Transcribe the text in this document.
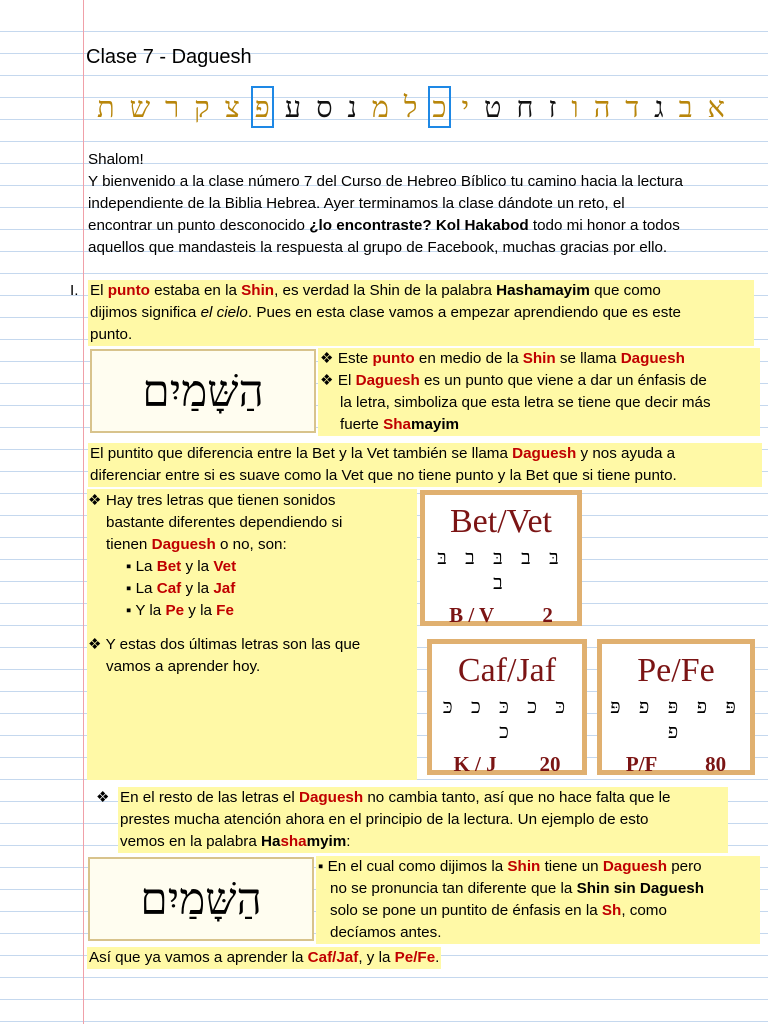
Clase 7 - Daguesh
א
ב
ג
ד
ה
ו
ז
ח
ט
י
כ
ל
מ
נ
ס
ע
פ
צ
ק
ר
ש
ת
Shalom!
Y bienvenido a la clase número 7 del Curso de Hebreo Bíblico tu camino hacia la lectura
independiente de la Biblia Hebrea. Ayer terminamos la clase dándote un reto, el
encontrar un punto desconocido ¿lo encontraste? Kol Hakabod todo mi honor a todos
aquellos que mandasteis la respuesta al grupo de Facebook, muchas gracias por ello.
I. El punto estaba en la Shin, es verdad la Shin de la palabra Hashamayim que como
dijimos significa el cielo. Pues en esta clase vamos a empezar aprendiendo que es este
punto.
הַשָּׁמַיִם
❖ Este punto en medio de la Shin se llama Daguesh
❖ El Daguesh es un punto que viene a dar un énfasis de
la letra, simboliza que esta letra se tiene que decir más
fuerte Shamayim
El puntito que diferencia entre la Bet y la Vet también se llama Daguesh y nos ayuda a
diferenciar entre si es suave como la Vet que no tiene punto y la Bet que si tiene punto.
❖ Hay tres letras que tienen sonidos
bastante diferentes dependiendo si
tienen Daguesh o no, son:
▪ La Bet y la Vet
▪ La Caf y la Jaf
▪ Y la Pe y la Fe
❖ Y estas dos últimas letras son las que
vamos a aprender hoy.
Bet/Vet
בּ ב בּ ב בּ ב
B / V 2
Caf/Jaf
כּ כ כּ כ כּ כ
K / J 20
Pe/Fe
פּ פ פּ פ פּ פ
P/F 80
❖ En el resto de las letras el Daguesh no cambia tanto, así que no hace falta que le
prestes mucha atención ahora en el principio de la lectura. Un ejemplo de esto
vemos en la palabra Hashamyim:
הַשָּׁמַיִם
▪ En el cual como dijimos la Shin tiene un Daguesh pero
no se pronuncia tan diferente que la Shin sin Daguesh
solo se pone un puntito de énfasis en la Sh, como
decíamos antes.
Así que ya vamos a aprender la Caf/Jaf, y la Pe/Fe.
